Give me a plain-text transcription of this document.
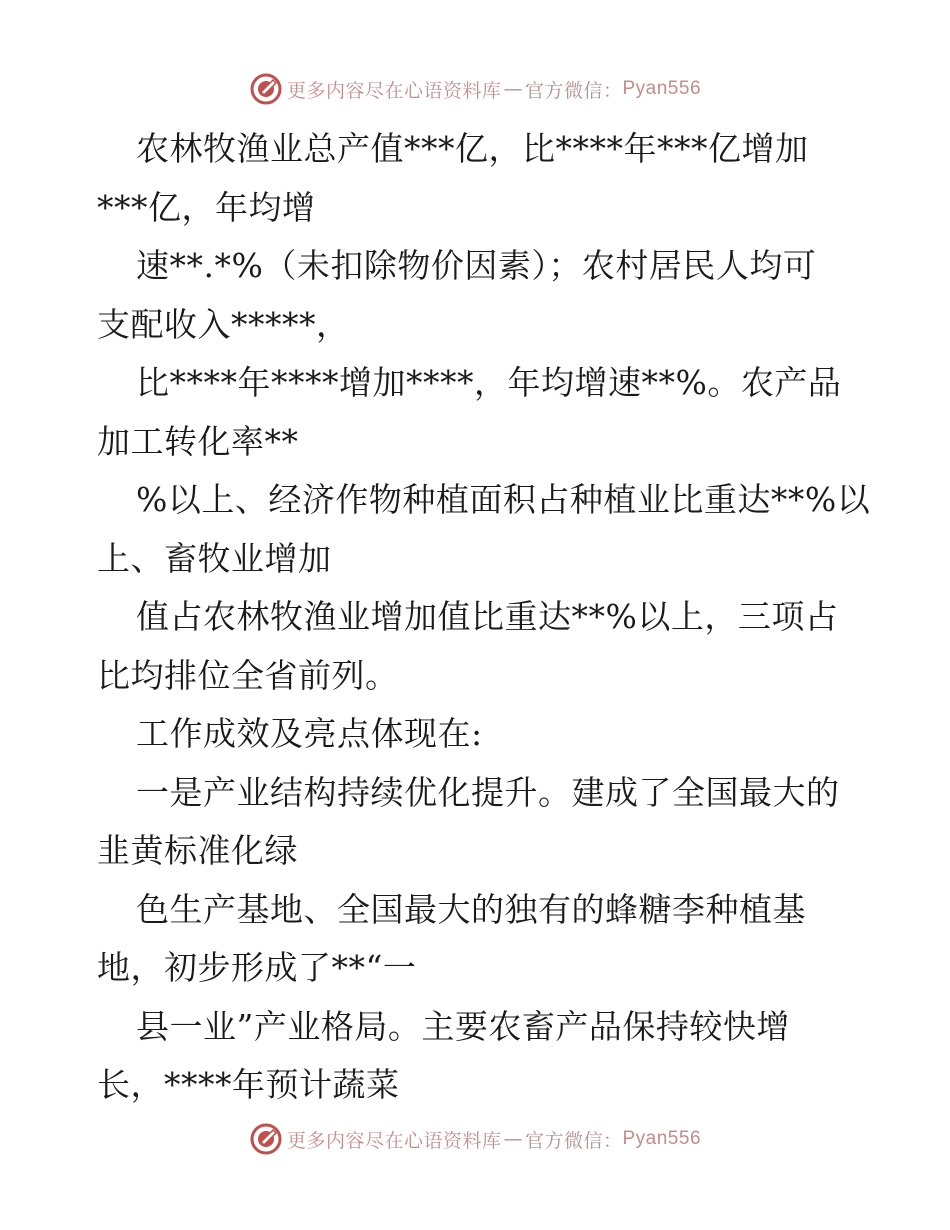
更多内容尽在心语资料库 — 官方微信： Pyan556
农林牧渔业总产值***亿，比****年***亿增加
***亿，年均增
速**.*%（未扣除物价因素）；农村居民人均可
支配收入*****，
比****年****增加****，年均增速**%。农产品
加工转化率**
%以上、经济作物种植面积占种植业比重达**%以
上、畜牧业增加
值占农林牧渔业增加值比重达**%以上，三项占
比均排位全省前列。
工作成效及亮点体现在:
一是产业结构持续优化提升。建成了全国最大的
韭黄标准化绿
色生产基地、全国最大的独有的蜂糖李种植基
地，初步形成了**“一
县一业”产业格局。主要农畜产品保持较快增
长，****年预计蔬菜
更多内容尽在心语资料库 — 官方微信： Pyan556
